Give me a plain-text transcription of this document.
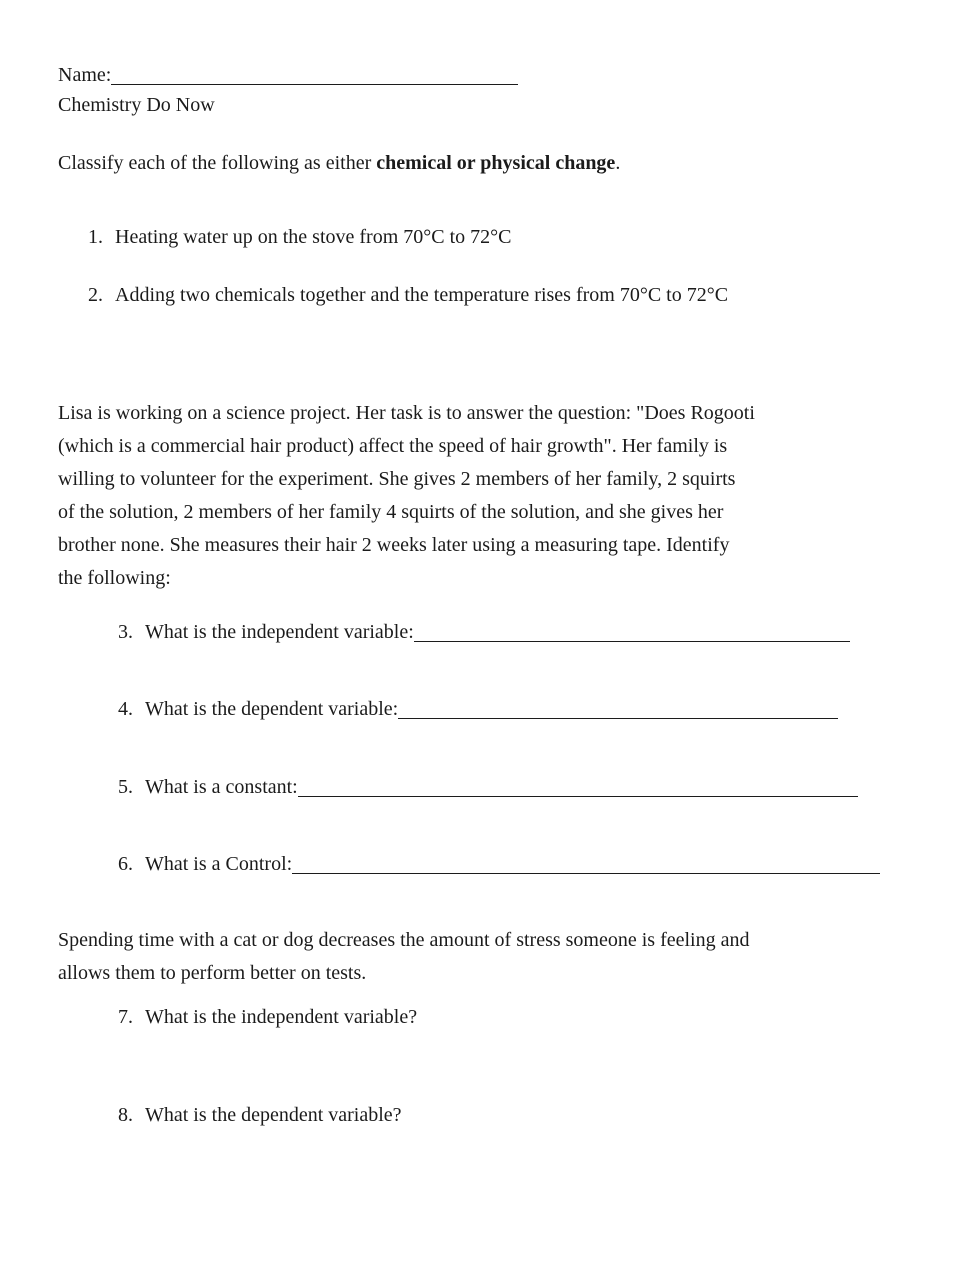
Name:
Chemistry Do Now
Classify each of the following as either chemical or physical change.
1. Heating water up on the stove from 70°C to 72°C
2. Adding two chemicals together and the temperature rises from 70°C to 72°C
Lisa is working on a science project. Her task is to answer the question: "Does Rogooti
(which is a commercial hair product) affect the speed of hair growth". Her family is
willing to volunteer for the experiment. She gives 2 members of her family, 2 squirts
of the solution, 2 members of her family 4 squirts of the solution, and she gives her
brother none. She measures their hair 2 weeks later using a measuring tape. Identify
the following:
3. What is the independent variable:
4. What is the dependent variable:
5. What is a constant:
6. What is a Control:
Spending time with a cat or dog decreases the amount of stress someone is feeling and
allows them to perform better on tests.
7. What is the independent variable?
8. What is the dependent variable?
